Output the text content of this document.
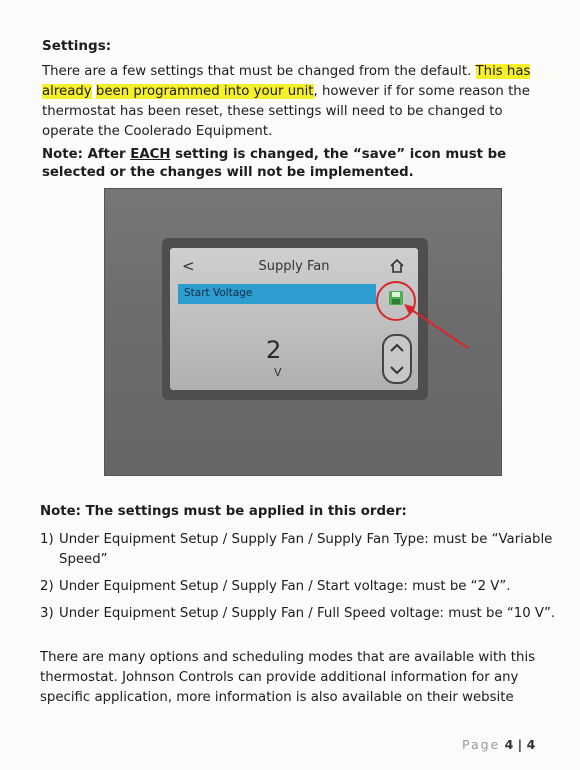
Settings:
There are a few settings that must be changed from the default. This has already been programmed into your unit, however if for some reason the thermostat has been reset, these settings will need to be changed to operate the Coolerado Equipment.
Note: After EACH setting is changed, the “save” icon must be selected or the changes will not be implemented.
<	Supply Fan
Start Voltage
2
V
Note: The settings must be applied in this order:
1) Under Equipment Setup / Supply Fan / Supply Fan Type: must be “Variable Speed”
2) Under Equipment Setup / Supply Fan / Start voltage: must be “2 V”.
3) Under Equipment Setup / Supply Fan / Full Speed voltage: must be “10 V”.
There are many options and scheduling modes that are available with this thermostat. Johnson Controls can provide additional information for any specific application, more information is also available on their website
Page 4 | 4
